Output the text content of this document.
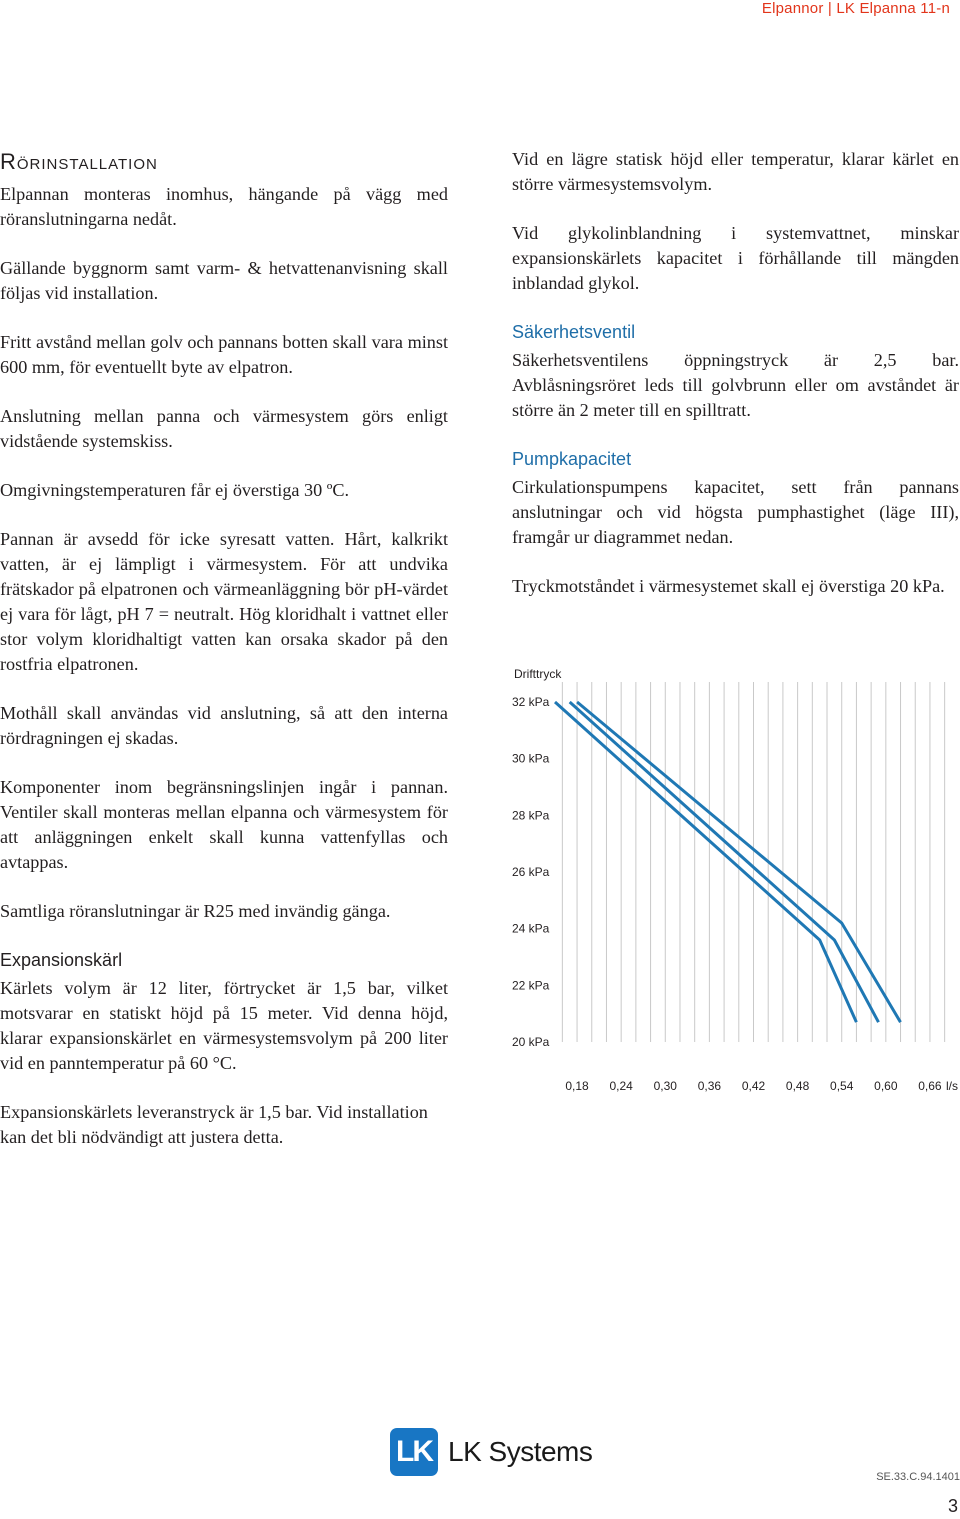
Elpannor | LK Elpanna 11-n
Röri​nstallation

Elpannan monteras inomhus, hängande på vägg med röranslutningarna nedåt.

Gällande byggnorm samt varm- & hetvattenanvisning skall följas vid installation.

Fritt avstånd mellan golv och pannans botten skall vara minst 600 mm, för eventuellt byte av elpatron.

Anslutning mellan panna och värmesystem görs enligt vidstående systemskiss.

Omgivningstemperaturen får ej överstiga 30 ºC.

Pannan är avsedd för icke syresatt vatten. Hårt, kalkrikt vatten, är ej lämpligt i värmesystem. För att undvika frätskador på elpatronen och värmeanläggning bör pH-värdet ej vara för lågt, pH 7 = neutralt. Hög kloridhalt i vattnet eller stor volym kloridhaltigt vatten kan orsaka skador på den rostfria elpatronen.

Mothåll skall användas vid anslutning, så att den interna rördragningen ej skadas.

Komponenter inom begränsningslinjen ingår i pannan. Ventiler skall monteras mellan elpanna och värmesystem för att anläggningen enkelt skall kunna vattenfyllas och avtappas.

Samtliga röranslutningar är R25 med invändig gänga.

Expansionskärl

Kärlets volym är 12 liter, förtrycket är 1,5 bar, vilket motsvarar en statiskt höjd på 15 meter. Vid denna höjd, klarar expansionskärlet en värmesystemsvolym på 200 liter vid en panntemperatur på 60 °C.

Expansionskärlets leveranstryck är 1,5 bar. Vid installation kan det bli nödvändigt att justera detta.

Vid en lägre statisk höjd eller temperatur, klarar kärlet en större värmesystemsvolym.

Vid glykolinblandning i systemvattnet, minskar expansionskärlets kapacitet i förhållande till mängden inblandad glykol.

Säkerhetsventil

Säkerhetsventilens öppningstryck är 2,5 bar. Avblåsningsröret leds till golvbrunn eller om avståndet är större än 2 meter till en spilltratt.

Pumpkapacitet

Cirkulationspumpens kapacitet, sett från pannans anslutningar och vid högsta pumphastighet (läge III), framgår ur diagrammet nedan.

Tryckmotståndet i värmesystemet skall ej överstiga 20 kPa.

32 kPa
30 kPa
28 kPa
26 kPa
24 kPa
22 kPa
20 kPa
Drifttryck
0,18 0,24 0,30 0,36 0,42 0,48 0,54 0,60 0,66 l/s
LK LK Systems
SE.33.C.94.1401
3
